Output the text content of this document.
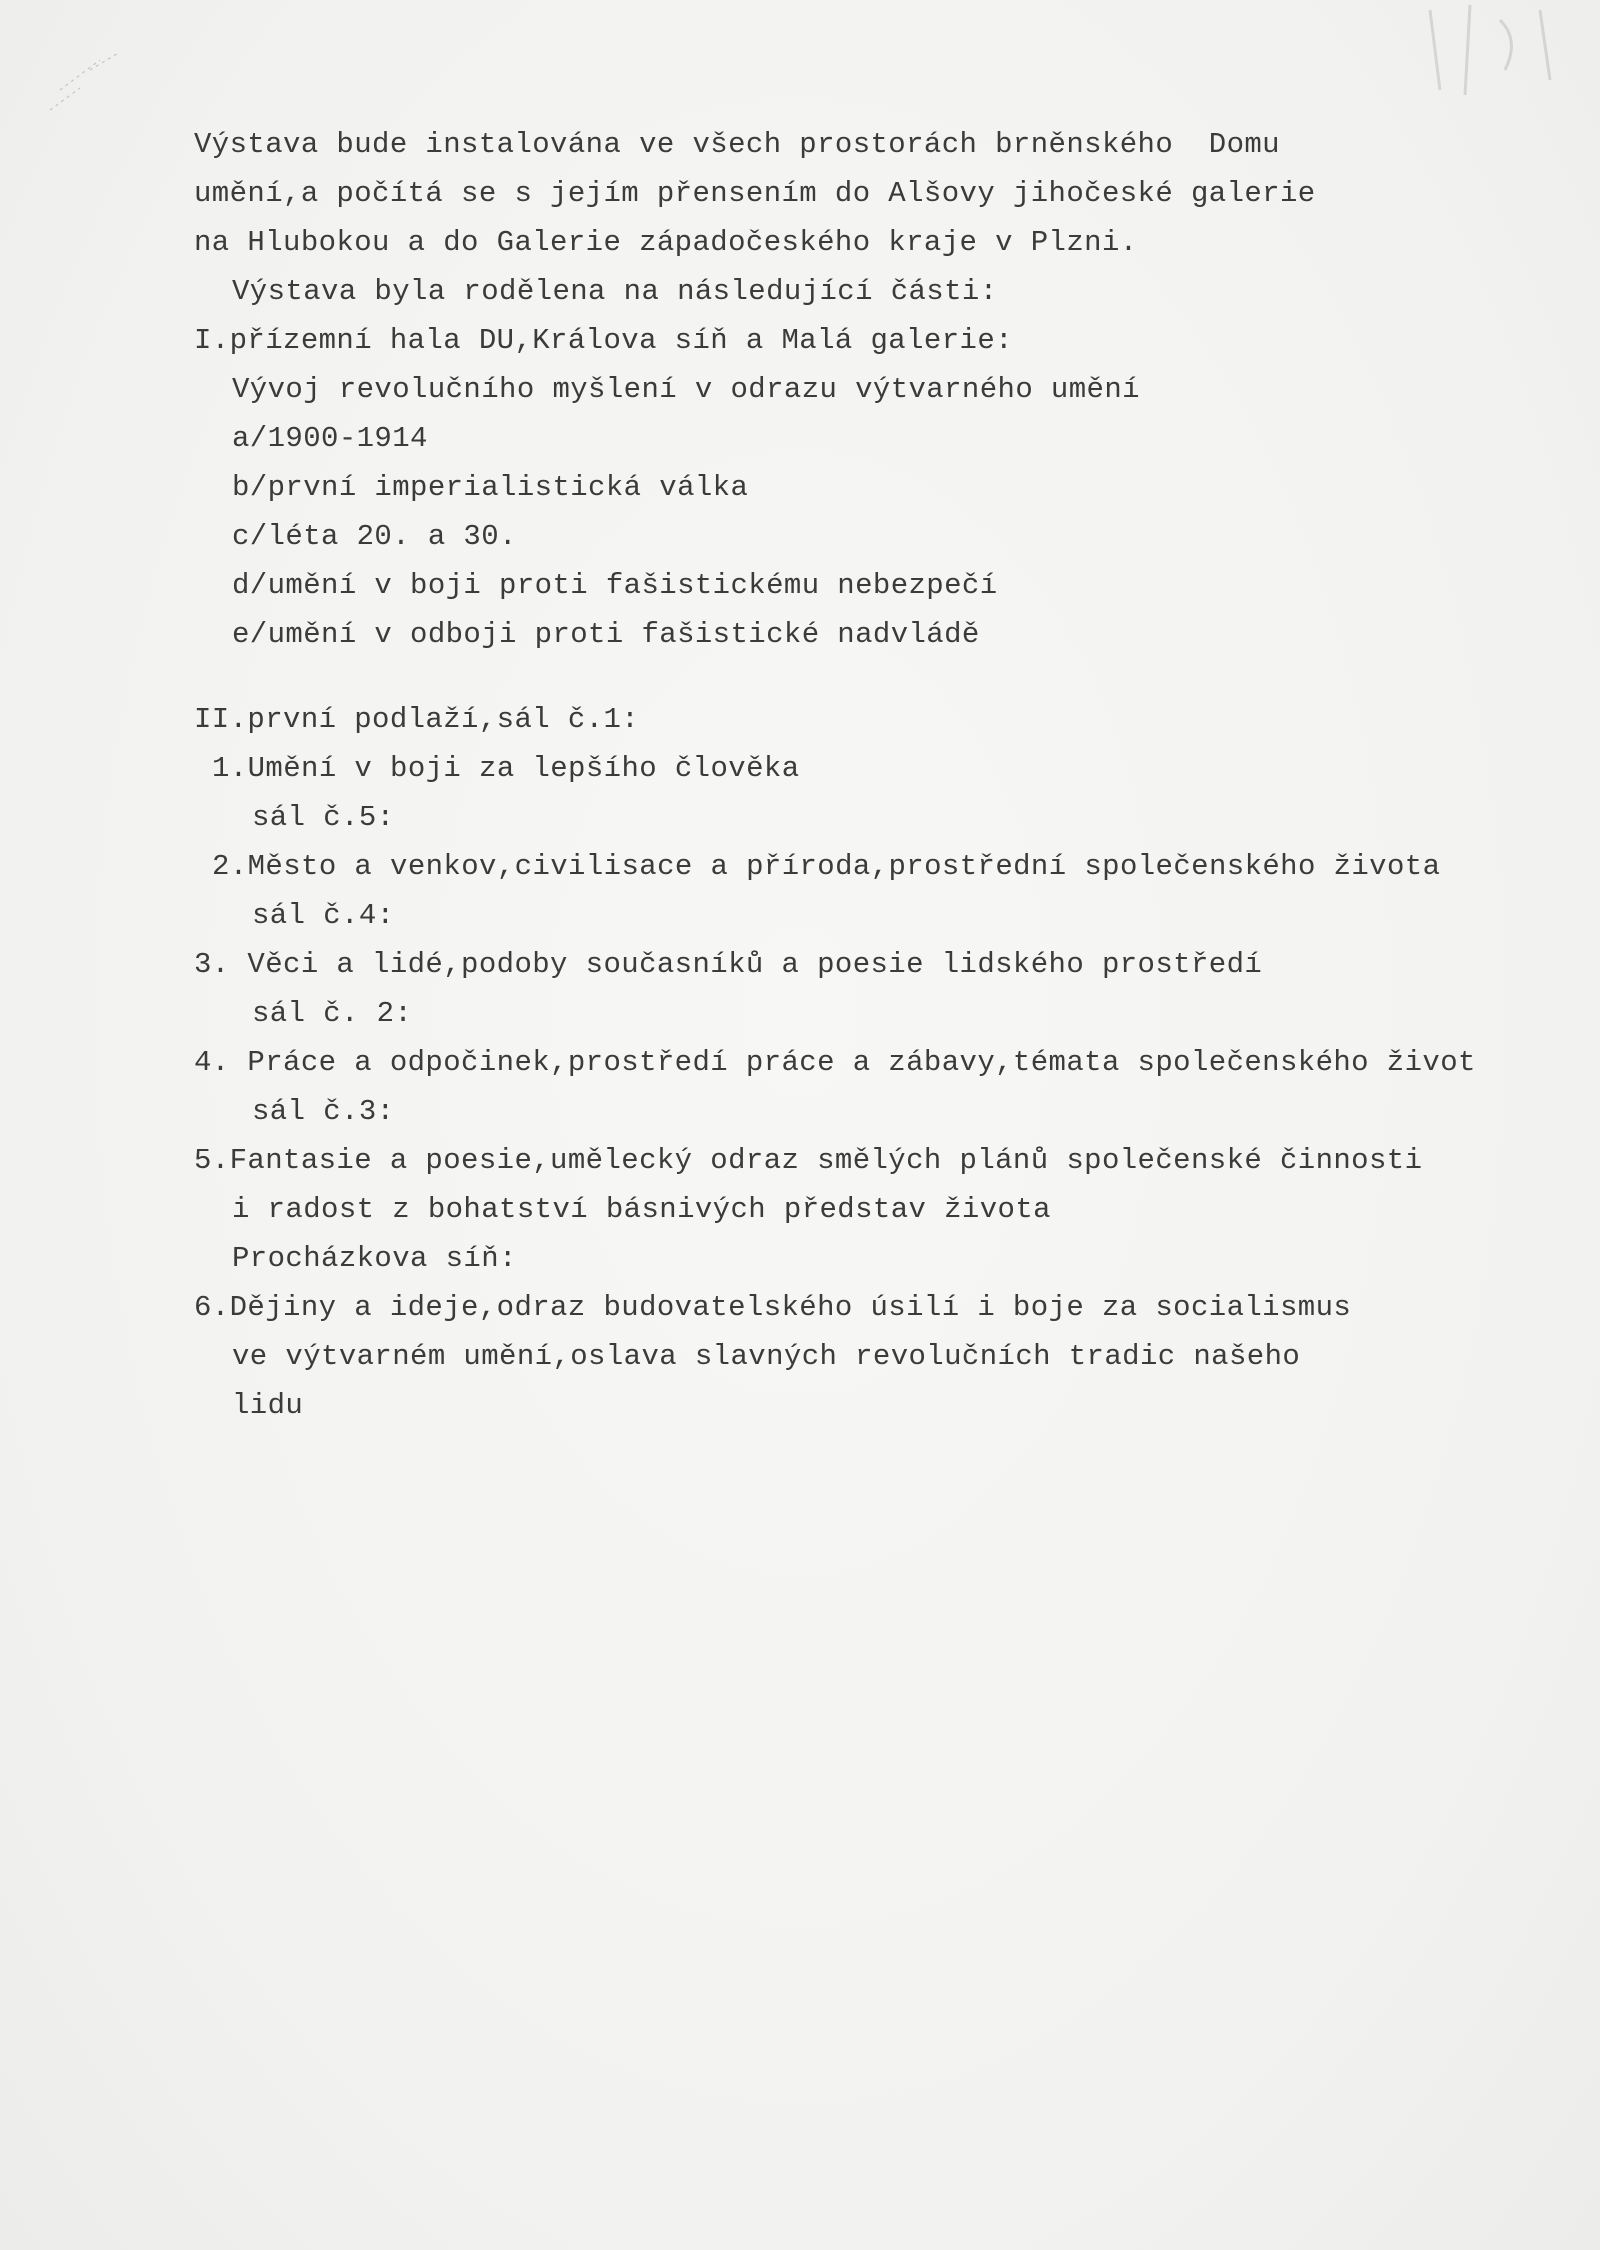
Výstava bude instalována ve všech prostorách brněnského  Domu
umění,a počítá se s jejím přensením do Alšovy jihočeské galerie
na Hlubokou a do Galerie západočeského kraje v Plzni.
Výstava byla rodělena na následující části:
I.přízemní hala DU,Králova síň a Malá galerie:
Vývoj revolučního myšlení v odrazu výtvarného umění
a/1900-1914
b/první imperialistická válka
c/léta 20. a 30.
d/umění v boji proti fašistickému nebezpečí
e/umění v odboji proti fašistické nadvládě
II.první podlaží,sál č.1:
1.Umění v boji za lepšího člověka
sál č.5:
2.Město a venkov,civilisace a příroda,prostřední společenského života
sál č.4:
3. Věci a lidé,podoby současníků a poesie lidského prostředí
sál č. 2:
4. Práce a odpočinek,prostředí práce a zábavy,témata společenského život
sál č.3:
5.Fantasie a poesie,umělecký odraz smělých plánů společenské činnosti
i radost z bohatství básnivých představ života
Procházkova síň:
6.Dějiny a ideje,odraz budovatelského úsilí i boje za socialismus
ve výtvarném umění,oslava slavných revolučních tradic našeho
lidu
